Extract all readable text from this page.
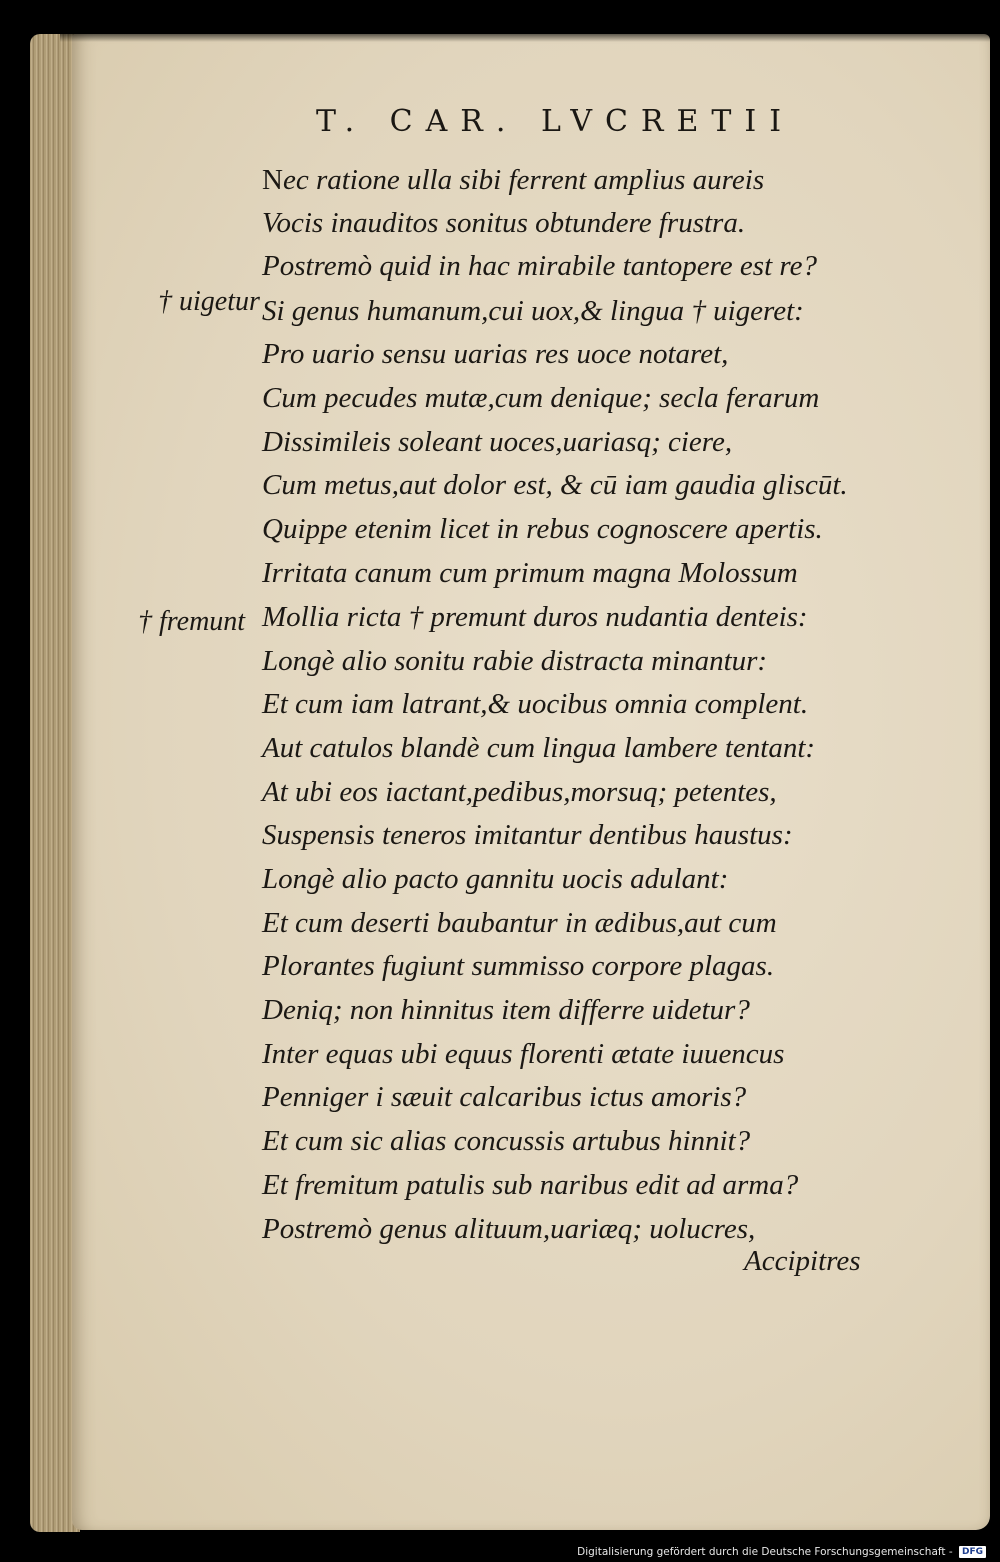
T. CAR. LVCRETII
† uigetur
† fremunt
Nec ratione ulla sibi ferrent amplius aureis
Vocis inauditos sonitus obtundere frustra.
Postremò quid in hac mirabile tantopere est re?
Si genus humanum,cui uox,& lingua † uigeret:
Pro uario sensu uarias res uoce notaret,
Cum pecudes mutæ,cum denique; secla ferarum
Dissimileis soleant uoces,uariasq; ciere,
Cum metus,aut dolor est, & cū iam gaudia gliscūt.
Quippe etenim licet in rebus cognoscere apertis.
Irritata canum cum primum magna Molossum
Mollia ricta † premunt duros nudantia denteis:
Longè alio sonitu rabie distracta minantur:
Et cum iam latrant,& uocibus omnia complent.
Aut catulos blandè cum lingua lambere tentant:
At ubi eos iactant,pedibus,morsuq; petentes,
Suspensis teneros imitantur dentibus haustus:
Longè alio pacto gannitu uocis adulant:
Et cum deserti baubantur in ædibus,aut cum
Plorantes fugiunt summisso corpore plagas.
Deniq; non hinnitus item differre uidetur?
Inter equas ubi equus florenti ætate iuuencus
Penniger i sæuit calcaribus ictus amoris?
Et cum sic alias concussis artubus hinnit?
Et fremitum patulis sub naribus edit ad arma?
Postremò genus alituum,uariæq; uolucres,
Accipitres
Digitalisierung gefördert durch die Deutsche Forschungsgemeinschaft - DFG
